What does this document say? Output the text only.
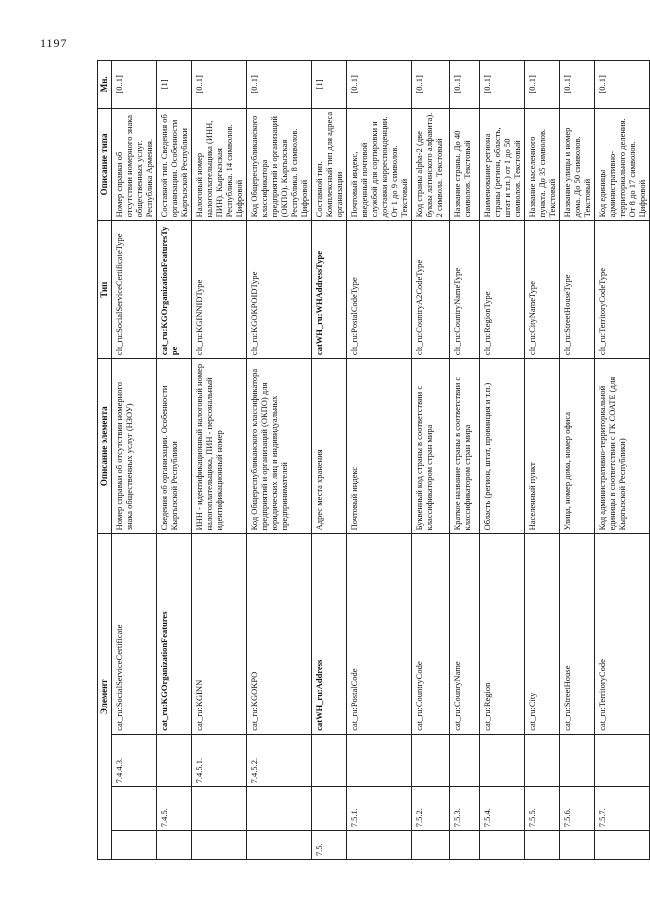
1197
Элемент				Описание элемента	Тип	Описание типа	Мн.
		7.4.4.3.	cat_ru:SocialServiceCertificate	Номер справки об отсутствии номерного знака общественных услуг (НЗОУ)	clt_ru:SocialServiceCertificateType	Номер справки об отсутствии номерного знака общественных услуг. Республика Армения.	[0..1]
	7.4.5.		cat_ru:KGOrganizationFeatures	Сведения об организации. Особенности Кыргызской Республики	cat_ru:KGOrganizationFeaturesType	Составной тип. Сведения об организации. Особенности Кыргызской Республики	[1]
		7.4.5.1.	cat_ru:KGINN	ИНН - идентификационный налоговый номер налогоплательщика, ПИН - персональный идентификационный номер	clt_ru:KGINNIDType	Налоговый номер налогоплательщика (ИНН, ПИН). Кыргызская Республика. 14 символов. Цифровой	[0..1]
		7.4.5.2.	cat_ru:KGOKPO	Код Общереспубликанского классификатора предприятий и организаций (ОКПО) для юридических лиц и индивидуальных предпринимателей	clt_ru:KGOKPOIDType	Код Общереспубликанского классификатора предприятий и организаций (ОКПО). Кыргызская Республика. 8 символов. Цифровой	[0..1]
7.5.			catWH_ru:Address	Адрес места хранения	catWH_ru:WHAddressType	Составной тип. Комплексный тип для адреса организации	[1]
	7.5.1.		cat_ru:PostalCode	Почтовый индекс	clt_ru:PostalCodeType	Почтовый индекс, введенный почтовой службой для сортировки и доставки корреспонденции. От 1 до 9 символов. Текстовый	[0..1]
	7.5.2.		cat_ru:CountryCode	Буквенный код страны в соответствии с классификатором стран мира	clt_ru:CountryA2CodeType	Код страны alpha-2 (две буквы латинского алфавита). 2 символа. Текстовый	[0..1]
	7.5.3.		cat_ru:CounryName	Краткое название страны в соответствии с классификатором стран мира	clt_ru:CountryNameType	Название страны. До 40 символов. Текстовый	[0..1]
	7.5.4.		cat_ru:Region	Область (регион, штат, провинция и т.п.)	clt_ru:RegionType	Наименование региона страны (регион, область, штат и т.п.) от 1 до 50 символов. Текстовый	[0..1]
	7.5.5.		cat_ru:City	Населенный пункт	clt_ru:CityNameType	Название населенного пункта. До 35 символов. Текстовый	[0..1]
	7.5.6.		cat_ru:StreetHouse	Улица, номер дома, номер офиса	clt_ru:StreetHouseType	Название улицы и номер дома. До 50 символов. Текстовый	[0..1]
	7.5.7.		cat_ru:TerritoryCode	Код административно-территориальной единицы в соответствии с ГК СОАТЕ (для Кыргызской Республики)	clt_ru:TerritoryCodeType	Код единицы административно-территориального деления. От 8 до 17 символов. Цифровой	[0..1]
